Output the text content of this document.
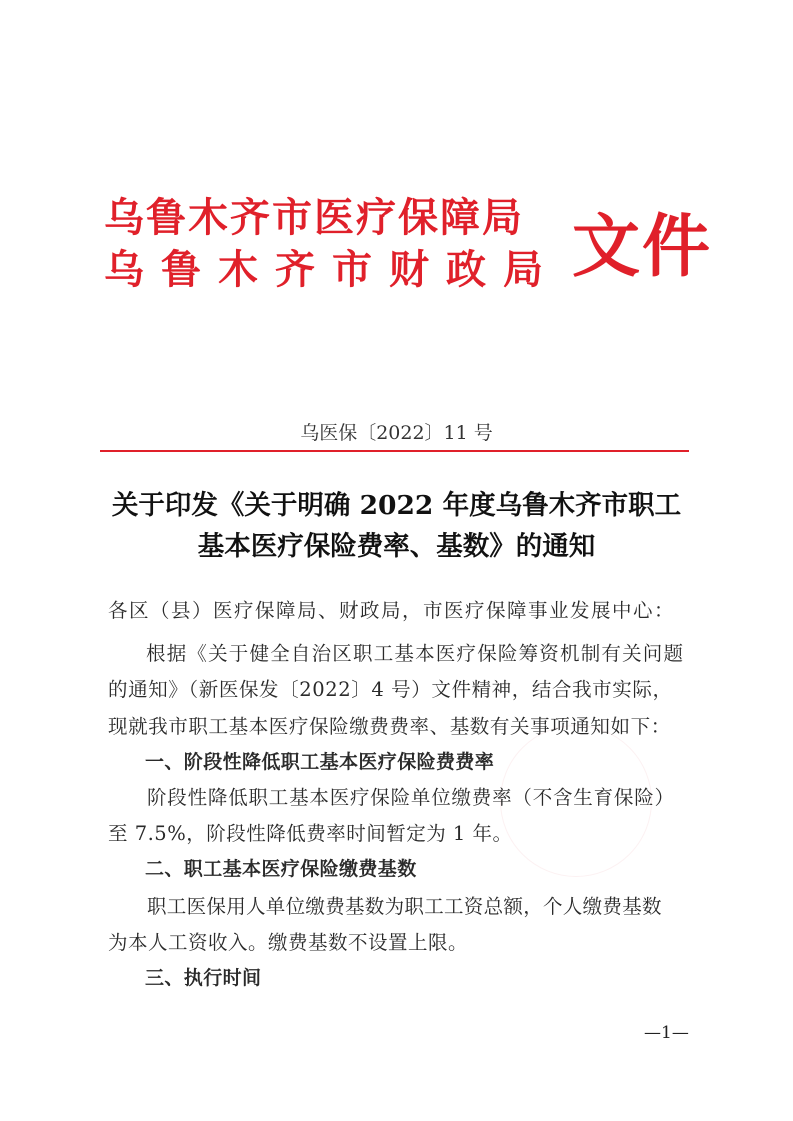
乌鲁木齐市医疗保障局
乌鲁木齐市财政局 文件
乌医保〔2022〕11 号
关于印发《关于明确 2022 年度乌鲁木齐市职工
基本医疗保险费率、基数》的通知
各区（县）医疗保障局、财政局，市医疗保障事业发展中心：
根据《关于健全自治区职工基本医疗保险筹资机制有关问题
的通知》（新医保发〔2022〕4 号）文件精神，结合我市实际，
现就我市职工基本医疗保险缴费费率、基数有关事项通知如下：
一、阶段性降低职工基本医疗保险费费率
阶段性降低职工基本医疗保险单位缴费率（不含生育保险）
至 7.5%，阶段性降低费率时间暂定为 1 年。
二、职工基本医疗保险缴费基数
职工医保用人单位缴费基数为职工工资总额，个人缴费基数
为本人工资收入。缴费基数不设置上限。
三、执行时间
—1—
